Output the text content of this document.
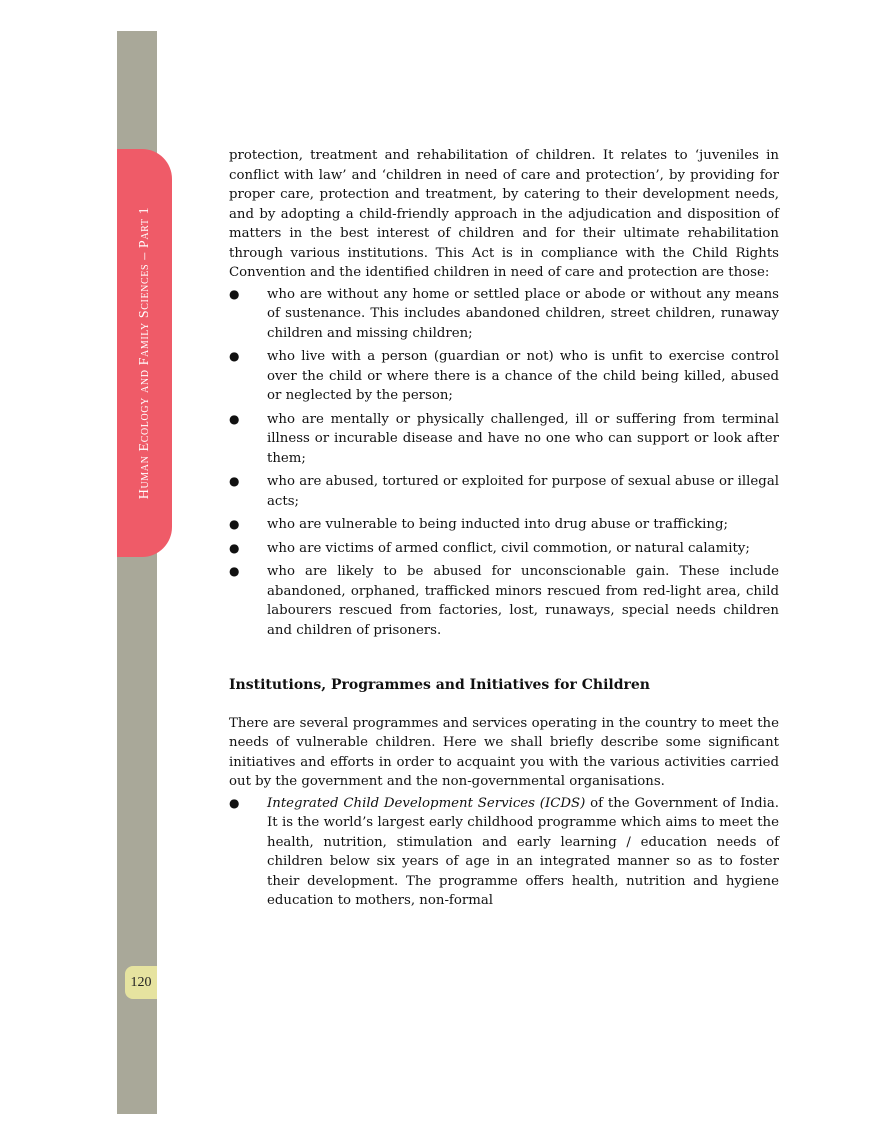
Human Ecology and Family Sciences – Part 1
120

protection, treatment and rehabilitation of children. It relates to ‘juveniles in conflict with law’ and ‘children in need of care and protection’, by providing for proper care, protection and treatment, by catering to their development needs, and by adopting a child-friendly approach in the adjudication and disposition of matters in the best interest of children and for their ultimate rehabilitation through various institutions. This Act is in compliance with the Child Rights Convention and the identified children in need of care and protection are those:

● who are without any home or settled place or abode or without any means of sustenance. This includes abandoned children, street children, runaway children and missing children;
● who live with a person (guardian or not) who is unfit to exercise control over the child or where there is a chance of the child being killed, abused or neglected by the person;
● who are mentally or physically challenged, ill or suffering from terminal illness or incurable disease and have no one who can support or look after them;
● who are abused, tortured or exploited for purpose of sexual abuse or illegal acts;
● who are vulnerable to being inducted into drug abuse or trafficking;
● who are victims of armed conflict, civil commotion, or natural calamity;
● who are likely to be abused for unconscionable gain. These include abandoned, orphaned, trafficked minors rescued from red-light area, child labourers rescued from factories, lost, runaways, special needs children and children of prisoners.
Institutions, Programmes and Initiatives for Children

There are several programmes and services operating in the country to meet the needs of vulnerable children. Here we shall briefly describe some significant initiatives and efforts in order to acquaint you with the various activities carried out by the government and the non-governmental organisations.

● Integrated Child Development Services (ICDS) of the Government of India. It is the world’s largest early childhood programme which aims to meet the health, nutrition, stimulation and early learning / education needs of children below six years of age in an integrated manner so as to foster their development. The programme offers health, nutrition and hygiene education to mothers, non-formal
